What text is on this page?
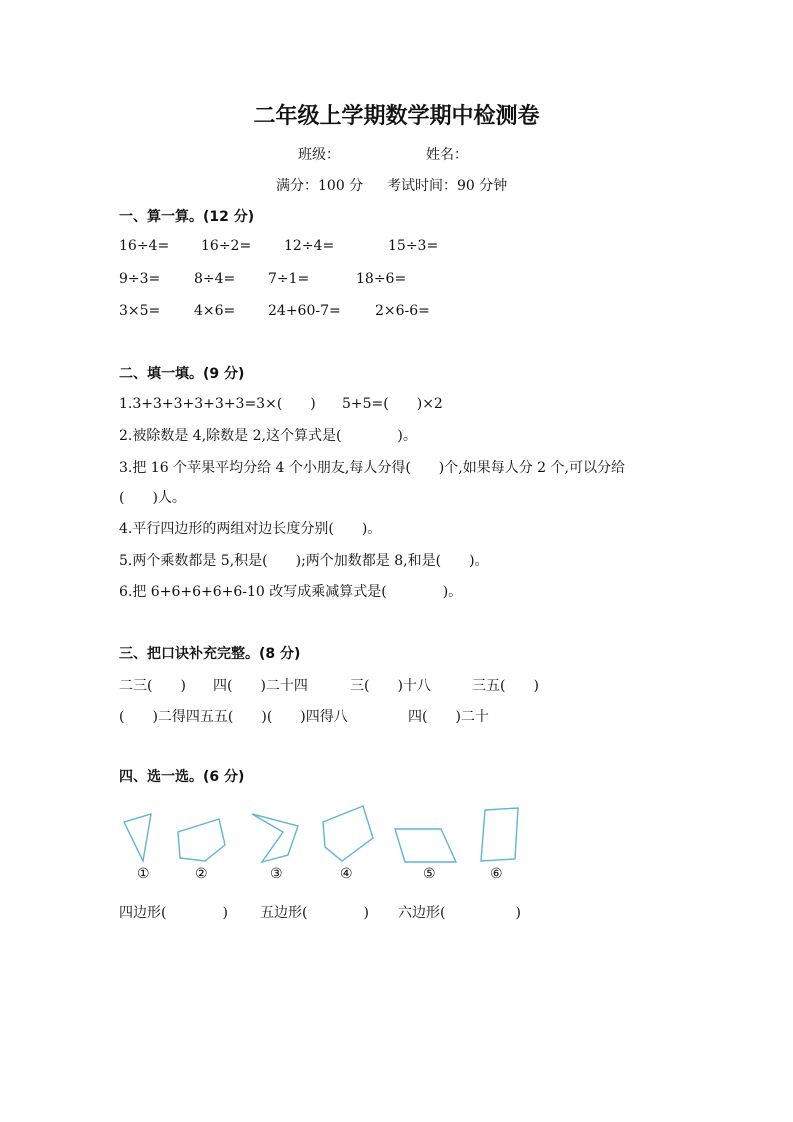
二年级上学期数学期中检测卷
班级：	姓名：
满分：100 分 考试时间：90 分钟
一、算一算。(12 分)
16÷4= 16÷2= 12÷4=	15÷3=
9÷3= 8÷4= 7÷1=	18÷6=
3×5= 4×6= 24+60-7= 2×6-6=
二、填一填。(9 分)
1.3+3+3+3+3+3=3×(　　) 5+5=(　　)×2
2.被除数是 4,除数是 2,这个算式是(　　　　)。
3.把 16 个苹果平均分给 4 个小朋友,每人分得(　　)个,如果每人分 2 个,可以分给
(　　)人。
4.平行四边形的两组对边长度分别(　　)。
5.两个乘数都是 5,积是(　　);两个加数都是 8,和是(　　)。
6.把 6+6+6+6+6-10 改写成乘减算式是(　　　　)。
三、把口诀补充完整。(8 分)
二三(　　) 四(　　)二十四	三(　　)十八	三五(　　)
(　　)二得四五五(　　)(　　)四得八	四(　　)二十
四、选一选。(6 分)
①	②	③	④	⑤	⑥
四边形(　　　　) 五边形(　　　　) 六边形(　　　　　)
